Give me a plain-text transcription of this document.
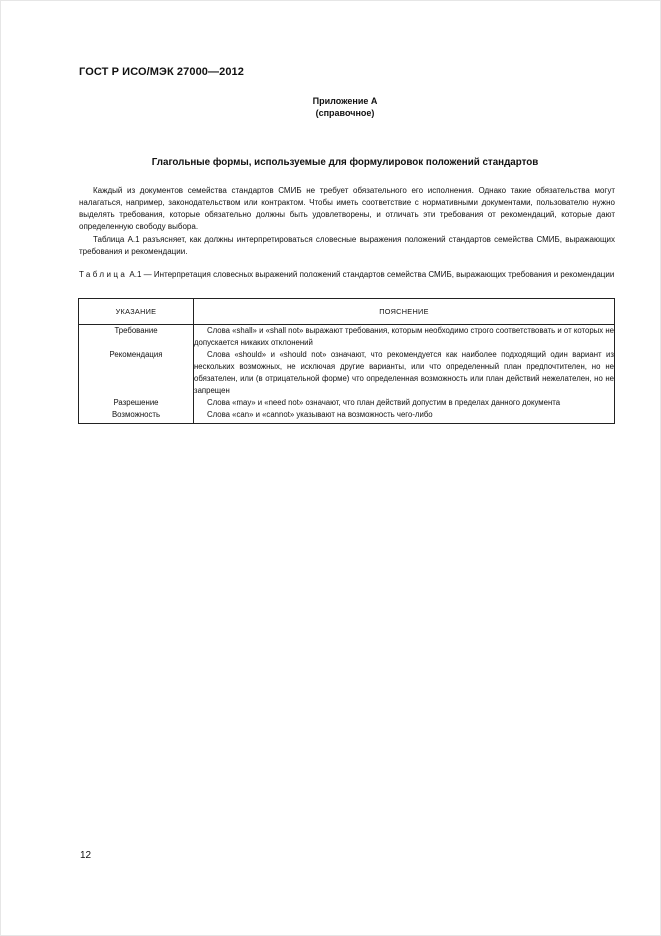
ГОСТ Р ИСО/МЭК 27000—2012
Приложение А
(справочное)
Глагольные формы, используемые для формулировок положений стандартов
Каждый из документов семейства стандартов СМИБ не требует обязательного его исполнения. Однако такие обязательства могут налагаться, например, законодательством или контрактом. Чтобы иметь соответствие с нормативными документами, пользователю нужно выделять требования, которые обязательно должны быть удовлетворены, и отличать эти требования от рекомендаций, которые дают определенную свободу выбора.
Таблица А.1 разъясняет, как должны интерпретироваться словесные выражения положений стандартов семейства СМИБ, выражающих требования и рекомендации.
Таблица А.1 — Интерпретация словесных выражений положений стандартов семейства СМИБ, выражающих требования и рекомендации
УКАЗАНИЕ	ПОЯСНЕНИЕ
Требование	Слова «shall» и «shall not» выражают требования, которым необходимо строго соответствовать и от которых не допускается никаких отклонений
Рекомендация	Слова «should» и «should not» означают, что рекомендуется как наиболее подходящий один вариант из нескольких возможных, не исключая другие варианты, или что определенный план предпочтителен, но не обязателен, или (в отрицательной форме) что определенная возможность или план действий нежелателен, но не запрещен
Разрешение	Слова «may» и «need not» означают, что план действий допустим в пределах данного документа
Возможность	Слова «can» и «cannot» указывают на возможность чего-либо
12
